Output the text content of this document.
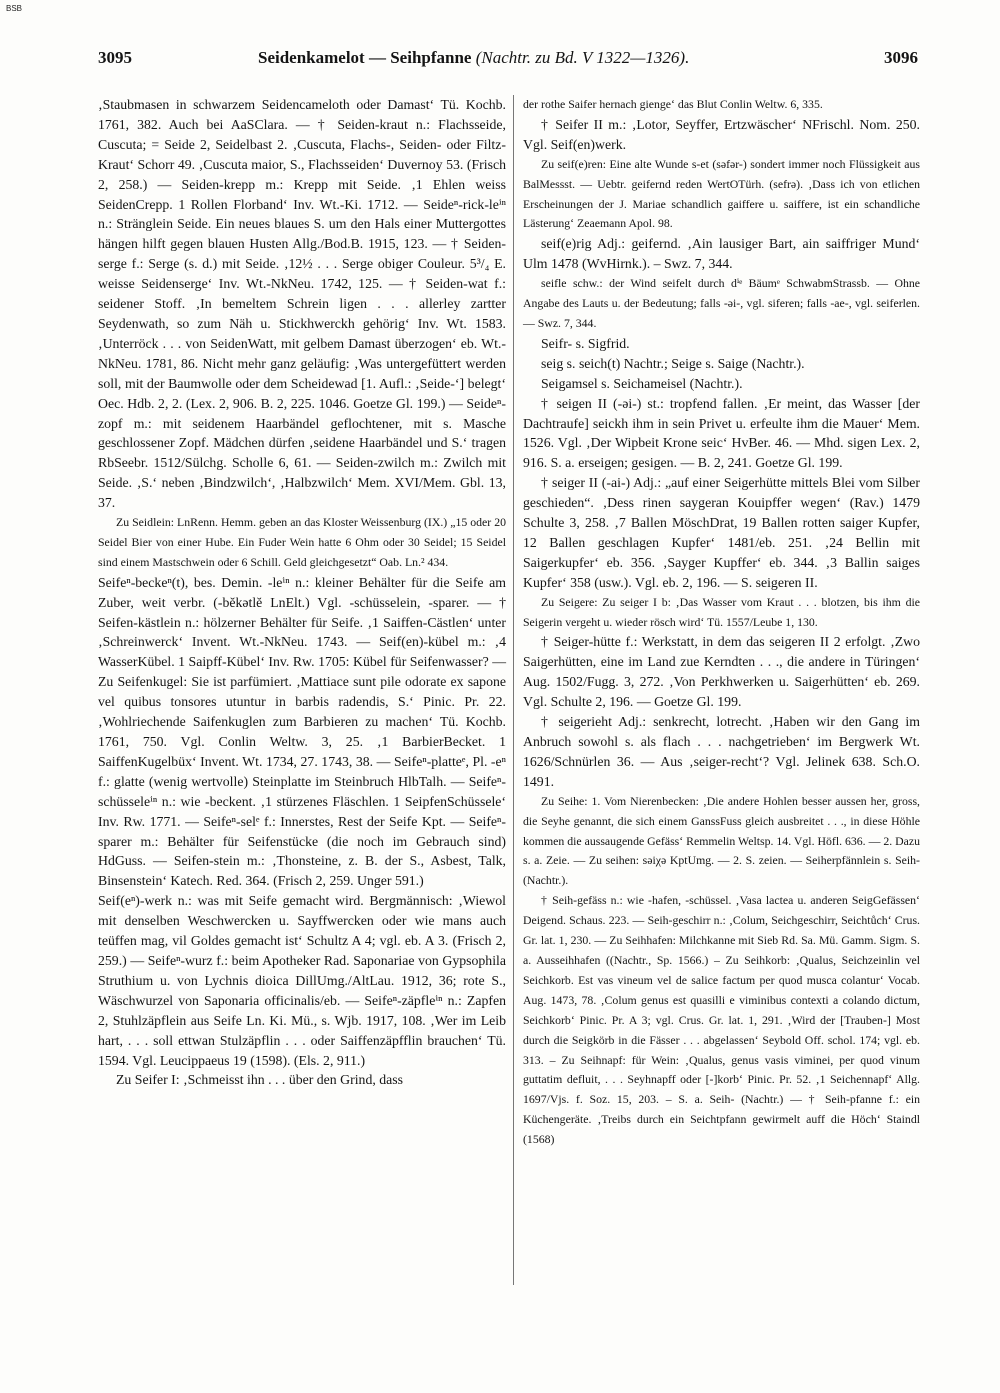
BSB
3095	Seidenkamelot — Seihpfanne (Nachtr. zu Bd. V 1322—1326).	3096

‚Staubmasen in schwarzem Seidencameloth oder Damast‘ Tü. Kochb. 1761, 382. Auch bei AaSClara. — † Seiden-kraut n.: Flachsseide, Cuscuta; = Seide 2, Seidelbast 2. ‚Cuscuta, Flachs-, Seiden- oder Filtz-Kraut‘ Schorr 49. ‚Cuscuta maior, S., Flachsseiden‘ Duvernoy 53. (Frisch 2, 258.) — Seiden-krepp m.: Krepp mit Seide. ‚1 Ehlen weiss SeidenCrepp. 1 Rollen Florband‘ Inv. Wt.-Ki. 1712. — Seideⁿ-rick-leⁱⁿ n.: Stränglein Seide. Ein neues blaues S. um den Hals einer Muttergottes hängen hilft gegen blauen Husten Allg./Bod.B. 1915, 123. — † Seiden-serge f.: Serge (s. d.) mit Seide. ‚12½ . . . Serge obiger Couleur. 5³/₄ E. weisse Seidenserge‘ Inv. Wt.-NkNeu. 1742, 125. — † Seiden-wat f.: seidener Stoff. ‚In bemeltem Schrein ligen . . . allerley zartter Seydenwath, so zum Näh u. Stickhwerckh gehörig‘ Inv. Wt. 1583. ‚Unterröck . . . von SeidenWatt, mit gelbem Damast überzogen‘ eb. Wt.-NkNeu. 1781, 86. Nicht mehr ganz geläufig: ‚Was untergefüttert werden soll, mit der Baumwolle oder dem Scheidewad [1. Aufl.: ‚Seide-‘] belegt‘ Oec. Hdb. 2, 2. (Lex. 2, 906. B. 2, 225. 1046. Goetze Gl. 199.) — Seideⁿ-zopf m.: mit seidenem Haarbändel geflochtener, mit s. Masche geschlossener Zopf. Mädchen dürfen ‚seidene Haarbändel und S.‘ tragen RbSeebr. 1512/Sülchg. Scholle 6, 61. — Seiden-zwilch m.: Zwilch mit Seide. ‚S.‘ neben ‚Bindzwilch‘, ‚Halbzwilch‘ Mem. XVI/Mem. Gbl. 13, 37.

Zu Seidlein: LnRenn. Hemm. geben an das Kloster Weissenburg (IX.) „15 oder 20 Seidel Bier von einer Hube. Ein Fuder Wein hatte 6 Ohm oder 30 Seidel; 15 Seidel sind einem Mastschwein oder 6 Schill. Geld gleichgesetzt“ Oab. Ln.² 434.

Seifeⁿ-beckeⁿ(t), bes. Demin. -leⁱⁿ n.: kleiner Behälter für die Seife am Zuber, weit verbr. (-bĕkətlĕ LnElt.) Vgl. -schüsselein, -sparer. — † Seifen-kästlein n.: hölzerner Behälter für Seife. ‚1 Saiffen-Cästlen‘ unter ‚Schreinwerck‘ Invent. Wt.-NkNeu. 1743. — Seif(en)-kübel m.: ‚4 WasserKübel. 1 Saipff-Kübel‘ Inv. Rw. 1705: Kübel für Seifenwasser? — Zu Seifenkugel: Sie ist parfümiert. ‚Mattiace sunt pile odorate ex sapone vel quibus tonsores utuntur in barbis radendis, S.‘ Pinic. Pr. 22. ‚Wohlriechende Saifenkuglen zum Barbieren zu machen‘ Tü. Kochb. 1761, 750. Vgl. Conlin Weltw. 3, 25. ‚1 BarbierBecket. 1 SaiffenKugelbüx‘ Invent. Wt. 1734, 27. 1743, 38. — Seifeⁿ-platteᵉ, Pl. -eⁿ f.: glatte (wenig wertvolle) Steinplatte im Steinbruch HlbTalh. — Seifeⁿ-schüsseleⁱⁿ n.: wie -beckent. ‚1 stürzenes Fläschlen. 1 SeipfenSchüssele‘ Inv. Rw. 1771. — Seifeⁿ-selᵉ f.: Innerstes, Rest der Seife Kpt. — Seifeⁿ-sparer m.: Behälter für Seifenstücke (die noch im Gebrauch sind) HdGuss. — Seifen-stein m.: ‚Thonsteine, z. B. der S., Asbest, Talk, Binsenstein‘ Katech. Red. 364. (Frisch 2, 259. Unger 591.)

Seif(eⁿ)-werk n.: was mit Seife gemacht wird. Bergmännisch: ‚Wiewol mit denselben Weschwercken u. Sayffwercken oder wie mans auch teüffen mag, vil Goldes gemacht ist‘ Schultz A 4; vgl. eb. A 3. (Frisch 2, 259.) — Seifeⁿ-wurz f.: beim Apotheker Rad. Saponariae von Gypsophila Struthium u. von Lychnis dioica DillUmg./AltLau. 1912, 36; rote S., Wäschwurzel von Saponaria officinalis/eb. — Seifeⁿ-zäpfleⁱⁿ n.: Zapfen 2, Stuhlzäpflein aus Seife Ln. Ki. Mü., s. Wjb. 1917, 108. ‚Wer im Leib hart, . . . soll ettwan Stulzäpflin . . . oder Saiffenzäpfflin brauchen‘ Tü. 1594. Vgl. Leucippaeus 19 (1598). (Els. 2, 911.)

Zu Seifer I: ‚Schmeisst ihn . . . über den Grind, dass

der rothe Saifer hernach gienge‘ das Blut Conlin Weltw. 6, 335.

† Seifer II m.: ‚Lotor, Seyffer, Ertzwäscher‘ NFrischl. Nom. 250. Vgl. Seif(en)werk.

Zu seif(e)ren: Eine alte Wunde s-et (səfər-) sondert immer noch Flüssigkeit aus BalMessst. — Uebtr. geifernd reden WertOTürh. (sefrə). ‚Dass ich von etlichen Erscheinungen der J. Mariae schandlich gaiffere u. saiffere, ist ein schandliche Lästerung‘ Zeaemann Apol. 98.

seif(e)rig Adj.: geifernd. ‚Ain lausiger Bart, ain saiffriger Mund‘ Ulm 1478 (WvHirnk.). – Swz. 7, 344.

seifle schw.: der Wind seifelt durch dⁱᵉ Bäumᵉ SchwabmStrassb. — Ohne Angabe des Lauts u. der Bedeutung; falls -əi-, vgl. siferen; falls -ae-, vgl. seiferlen. — Swz. 7, 344.

Seifr- s. Sigfrid.

seig s. seich(t) Nachtr.; Seige s. Saige (Nachtr.).

Seigamsel s. Seichameisel (Nachtr.).

† seigen II (-əi-) st.: tropfend fallen. ‚Er meint, das Wasser [der Dachtraufe] seickh ihm in sein Privet u. erfeulte ihm die Mauer‘ Mem. 1526. Vgl. ‚Der Wipbeit Krone seic‘ HvBer. 46. — Mhd. sigen Lex. 2, 916. S. a. erseigen; gesigen. — B. 2, 241. Goetze Gl. 199.

† seiger II (-ai-) Adj.: „auf einer Seigerhütte mittels Blei vom Silber geschieden“. ‚Dess rinen saygeran Kouipffer wegen‘ (Rav.) 1479 Schulte 3, 258. ‚7 Ballen MöschDrat, 19 Ballen rotten saiger Kupfer, 12 Ballen geschlagen Kupfer‘ 1481/eb. 251. ‚24 Bellin mit Saigerkupfer‘ eb. 356. ‚Sayger Kupffer‘ eb. 344. ‚3 Ballin saiges Kupfer‘ 358 (usw.). Vgl. eb. 2, 196. — S. seigeren II.

Zu Seigere: Zu seiger I b: ‚Das Wasser vom Kraut . . . blotzen, bis ihm die Seigerin vergeht u. wieder rösch wird‘ Tü. 1557/Leube 1, 130.

† Seiger-hütte f.: Werkstatt, in dem das seigeren II 2 erfolgt. ‚Zwo Saigerhütten, eine im Land zue Kerndten . . ., die andere in Türingen‘ Aug. 1502/Fugg. 3, 272. ‚Von Perkhwerken u. Saigerhütten‘ eb. 269. Vgl. Schulte 2, 196. — Goetze Gl. 199.

† seigerieht Adj.: senkrecht, lotrecht. ‚Haben wir den Gang im Anbruch sowohl s. als flach . . . nachgetrieben‘ im Bergwerk Wt. 1626/Schnürlen 36. — Aus ‚seiger-recht‘? Vgl. Jelinek 638. Sch.O. 1491.

Zu Seihe: 1. Vom Nierenbecken: ‚Die andere Hohlen besser aussen her, gross, die Seyhe genannt, die sich einem GanssFuss gleich ausbreitet . . ., in diese Höhle kommen die aussaugende Gefäss‘ Remmelin Weltsp. 14. Vgl. Höfl. 636. — 2. Dazu s. a. Zeie. — Zu seihen: səiχə KptUmg. — 2. S. zeien. — Seiherpfännlein s. Seih- (Nachtr.).

† Seih-gefäss n.: wie -hafen, -schüssel. ‚Vasa lactea u. anderen SeigGefässen‘ Deigend. Schaus. 223. — Seih-geschirr n.: ‚Colum, Seichgeschirr, Seichtůch‘ Crus. Gr. lat. 1, 230. — Zu Seihhafen: Milchkanne mit Sieb Rd. Sa. Mü. Gamm. Sigm. S. a. Ausseihhafen ((Nachtr., Sp. 1566.) – Zu Seihkorb: ‚Qualus, Seichzeinlin vel Seichkorb. Est vas vineum vel de salice factum per quod musca colantur‘ Vocab. Aug. 1473, 78. ‚Colum genus est quasilli e viminibus contexti a colando dictum, Seichkorb‘ Pinic. Pr. A 3; vgl. Crus. Gr. lat. 1, 291. ‚Wird der [Trauben-] Most durch die Seigkörb in die Fässer . . . abgelassen‘ Seybold Off. schol. 174; vgl. eb. 313. – Zu Seihnapf: für Wein: ‚Qualus, genus vasis viminei, per quod vinum guttatim defluit, . . . Seyhnapff oder [-]korb‘ Pinic. Pr. 52. ‚1 Seichennapf‘ Allg. 1697/Vjs. f. Soz. 15, 203. – S. a. Seih- (Nachtr.) — † Seih-pfanne f.: ein Küchengeräte. ‚Treibs durch ein Seichtpfann gewirmelt auff die Höch‘ Staindl (1568)
